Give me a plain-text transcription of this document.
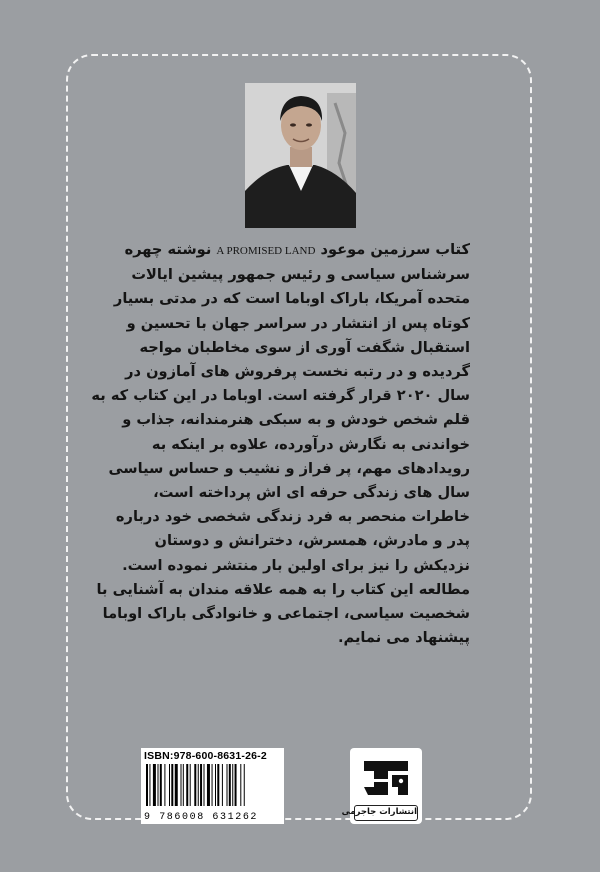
کتاب سرزمین موعود A PROMISED LAND نوشته چهره
سرشناس سیاسی و رئیس جمهور پیشین ایالات
متحده آمریکا، باراک اوباما است که در مدتی بسیار
کوتاه پس از انتشار در سراسر جهان با تحسین و
استقبال شگفت آوری از سوی مخاطبان مواجه
گردیده و در رتبه نخست پرفروش های آمازون در
سال ۲۰۲۰ قرار گرفته است. اوباما در این کتاب که به
قلم شخص خودش و به سبکی هنرمندانه، جذاب و
خواندنی به نگارش درآورده، علاوه بر اینکه به
رویدادهای مهم، پر فراز و نشیب و حساس سیاسی
سال های زندگی حرفه ای اش پرداخته است،
خاطرات منحصر به فرد زندگی شخصی خود درباره
پدر و مادرش، همسرش، دخترانش و دوستان
نزدیکش را نیز برای اولین بار منتشر نموده است.
مطالعه این کتاب را به همه علاقه مندان به آشنایی با
شخصیت سیاسی، اجتماعی و خانوادگی باراک اوباما
پیشنهاد می نمایم.
ISBN:978-600-8631-26-2
9 786008 631262	انتشارات جاجرمی
